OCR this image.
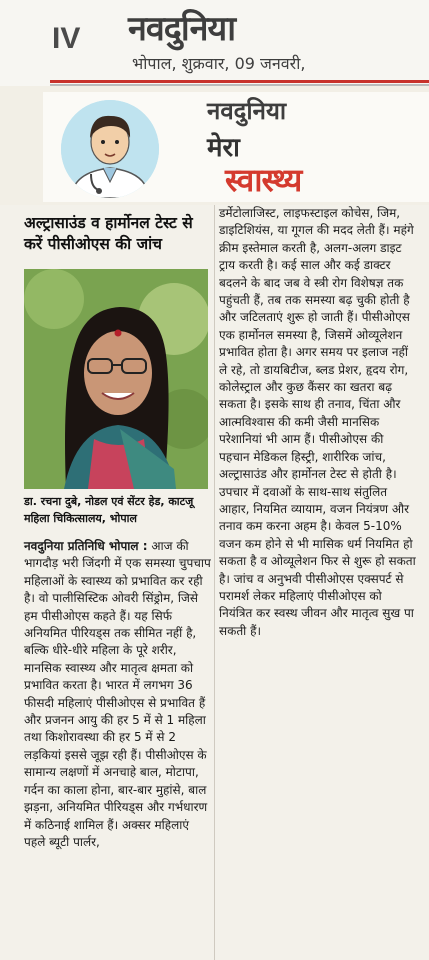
IV नवदुनिया
भोपाल, शुक्रवार, 09 जनवरी,
नवदुनिया
मेरा
स्वास्थ्य
अल्ट्रासाउंड व हार्मोनल टेस्ट से करें पीसीओएस की जांच
डा. रचना दुबे, नोडल एवं सेंटर हेड, काटजू महिला चिकित्सालय, भोपाल

नवदुनिया प्रतिनिधि भोपाल : आज की भागदौड़ भरी जिंदगी में एक समस्या चुपचाप महिलाओं के स्वास्थ्य को प्रभावित कर रही है। वो पालीसिस्टिक ओवरी सिंड्रोम, जिसे हम पीसीओएस कहते हैं। यह सिर्फ अनियमित पीरियड्स तक सीमित नहीं है, बल्कि धीरे-धीरे महिला के पूरे शरीर, मानसिक स्वास्थ्य और मातृत्व क्षमता को प्रभावित करता है। भारत में लगभग 36 फीसदी महिलाएं पीसीओएस से प्रभावित हैं और प्रजनन आयु की हर 5 में से 1 महिला तथा किशोरावस्था की हर 5 में से 2 लड़कियां इससे जूझ रही हैं। पीसीओएस के सामान्य लक्षणों में अनचाहे बाल, मोटापा, गर्दन का काला होना, बार-बार मुहांसे, बाल झड़ना, अनियमित पीरियड्स और गर्भधारण में कठिनाई शामिल हैं। अक्सर महिलाएं पहले ब्यूटी पार्लर,

डर्मेटोलाजिस्ट, लाइफस्टाइल कोचेस, जिम, डाइटिशियंस, या गूगल की मदद लेती हैं। महंगे क्रीम इस्तेमाल करती है, अलग-अलग डाइट ट्राय करती है। कई साल और कई डाक्टर बदलने के बाद जब वे स्त्री रोग विशेषज्ञ तक पहुंचती हैं, तब तक समस्या बढ़ चुकी होती है और जटिलताएं शुरू हो जाती हैं। पीसीओएस एक हार्मोनल समस्या है, जिसमें ओव्यूलेशन प्रभावित होता है। अगर समय पर इलाज नहीं ले रहे, तो डायबिटीज, ब्लड प्रेशर, हृदय रोग, कोलेस्ट्राल और कुछ कैंसर का खतरा बढ़ सकता है। इसके साथ ही तनाव, चिंता और आत्मविश्वास की कमी जैसी मानसिक परेशानियां भी आम हैं। पीसीओएस की पहचान मेडिकल हिस्ट्री, शारीरिक जांच, अल्ट्रासाउंड और हार्मोनल टेस्ट से होती है। उपचार में दवाओं के साथ-साथ संतुलित आहार, नियमित व्यायाम, वजन नियंत्रण और तनाव कम करना अहम है। केवल 5-10% वजन कम होने से भी मासिक धर्म नियमित हो सकता है व ओव्यूलेशन फिर से शुरू हो सकता है। जांच व अनुभवी पीसीओएस एक्सपर्ट से परामर्श लेकर महिलाएं पीसीओएस को नियंत्रित कर स्वस्थ जीवन और मातृत्व सुख पा सकती हैं।
